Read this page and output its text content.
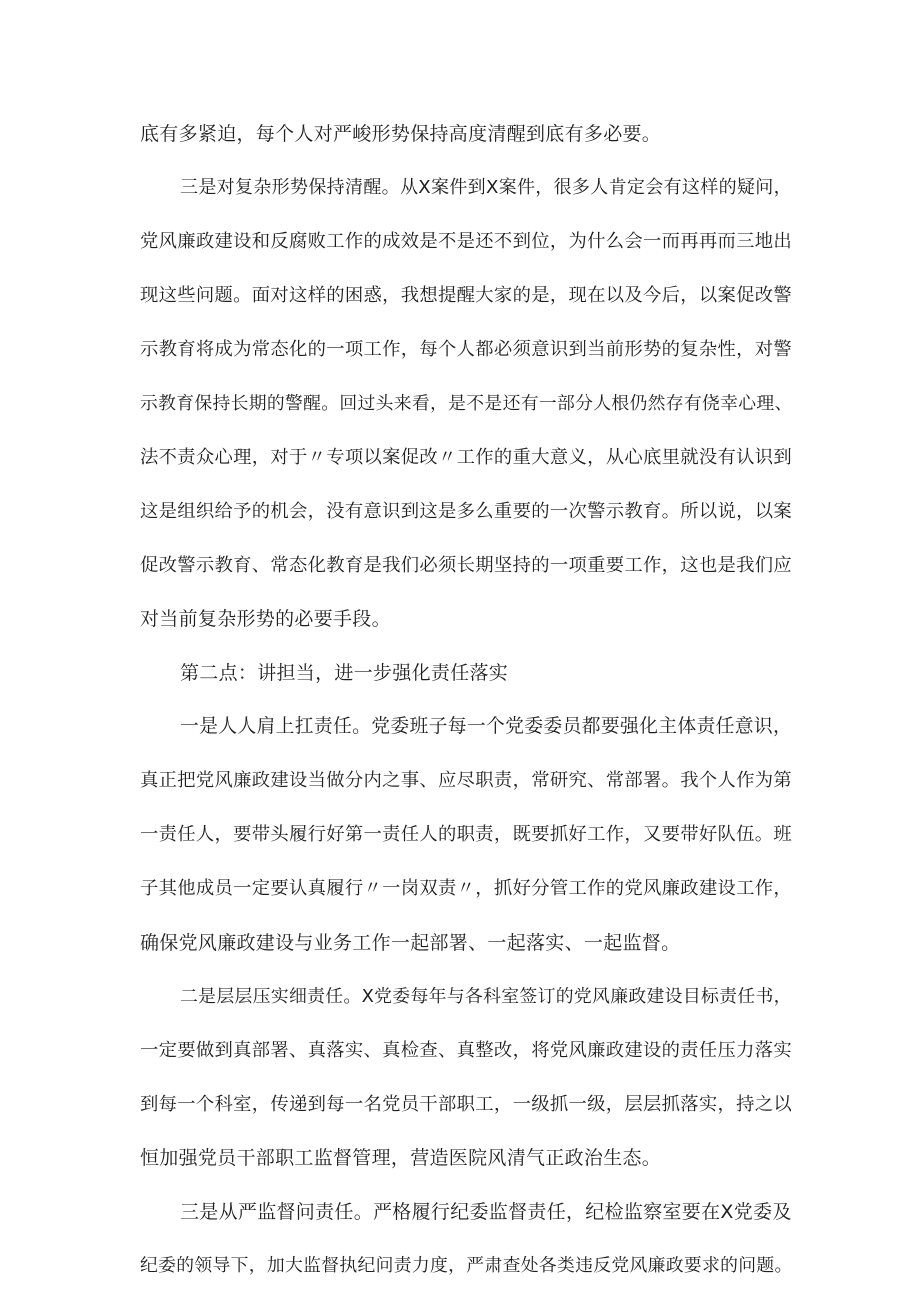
底有多紧迫，每个人对严峻形势保持高度清醒到底有多必要。
三是对复杂形势保持清醒。从X案件到X案件，很多人肯定会有这样的疑问，
党风廉政建设和反腐败工作的成效是不是还不到位，为什么会一而再再而三地出
现这些问题。面对这样的困惑，我想提醒大家的是，现在以及今后，以案促改警
示教育将成为常态化的一项工作，每个人都必须意识到当前形势的复杂性，对警
示教育保持长期的警醒。回过头来看，是不是还有一部分人根仍然存有侥幸心理、
法不责众心理，对于〃专项以案促改〃工作的重大意义，从心底里就没有认识到
这是组织给予的机会，没有意识到这是多么重要的一次警示教育。所以说，以案
促改警示教育、常态化教育是我们必须长期坚持的一项重要工作，这也是我们应
对当前复杂形势的必要手段。
第二点：讲担当，进一步强化责任落实
一是人人肩上扛责任。党委班子每一个党委委员都要强化主体责任意识，
真正把党风廉政建设当做分内之事、应尽职责，常研究、常部署。我个人作为第
一责任人，要带头履行好第一责任人的职责，既要抓好工作，又要带好队伍。班
子其他成员一定要认真履行〃一岗双责〃，抓好分管工作的党风廉政建设工作，
确保党风廉政建设与业务工作一起部署、一起落实、一起监督。
二是层层压实细责任。X党委每年与各科室签订的党风廉政建设目标责任书，
一定要做到真部署、真落实、真检查、真整改，将党风廉政建设的责任压力落实
到每一个科室，传递到每一名党员干部职工，一级抓一级，层层抓落实，持之以
恒加强党员干部职工监督管理，营造医院风清气正政治生态。
三是从严监督问责任。严格履行纪委监督责任，纪检监察室要在X党委及
纪委的领导下，加大监督执纪问责力度，严肃查处各类违反党风廉政要求的问题。
